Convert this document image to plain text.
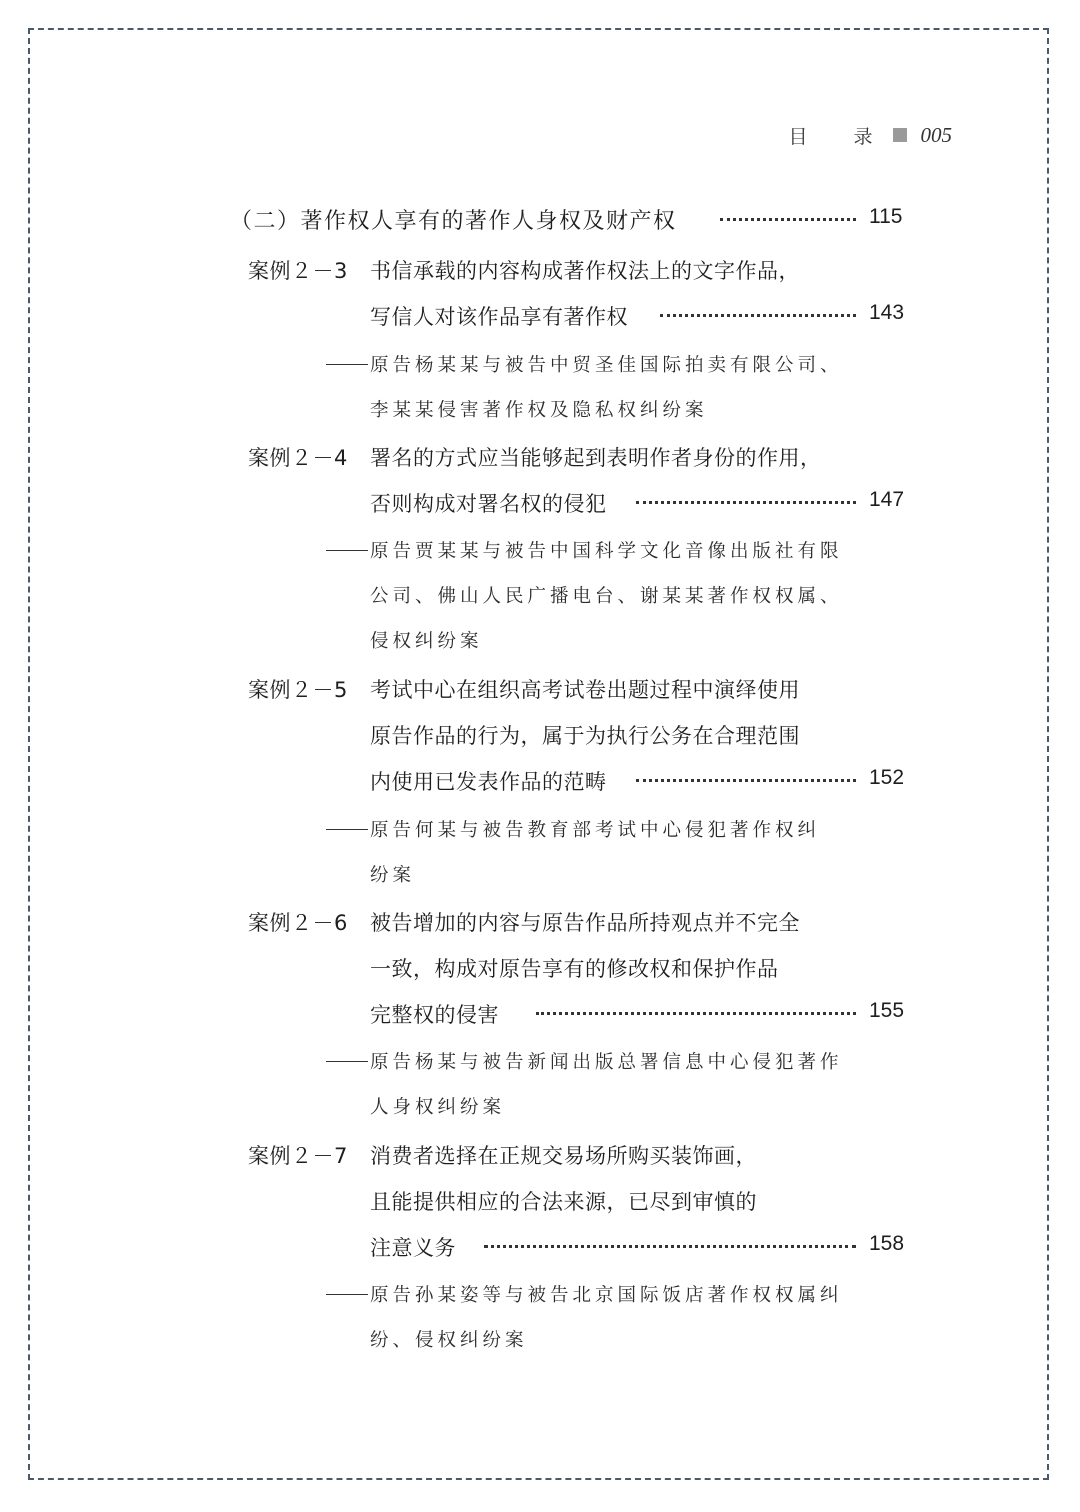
目 录 005
（二）著作权人享有的著作人身权及财产权	115
案例２－3 书信承载的内容构成著作权法上的文字作品，
写信人对该作品享有著作权	143
原告杨某某与被告中贸圣佳国际拍卖有限公司、
李某某侵害著作权及隐私权纠纷案
案例２－4 署名的方式应当能够起到表明作者身份的作用，
否则构成对署名权的侵犯	147
原告贾某某与被告中国科学文化音像出版社有限
公司、佛山人民广播电台、谢某某著作权权属、
侵权纠纷案
案例２－5 考试中心在组织高考试卷出题过程中演绎使用
原告作品的行为，属于为执行公务在合理范围
内使用已发表作品的范畴	152
原告何某与被告教育部考试中心侵犯著作权纠
纷案
案例２－6 被告增加的内容与原告作品所持观点并不完全
一致，构成对原告享有的修改权和保护作品
完整权的侵害	155
原告杨某与被告新闻出版总署信息中心侵犯著作
人身权纠纷案
案例２－7 消费者选择在正规交易场所购买装饰画，
且能提供相应的合法来源，已尽到审慎的
注意义务	158
原告孙某姿等与被告北京国际饭店著作权权属纠
纷、侵权纠纷案
